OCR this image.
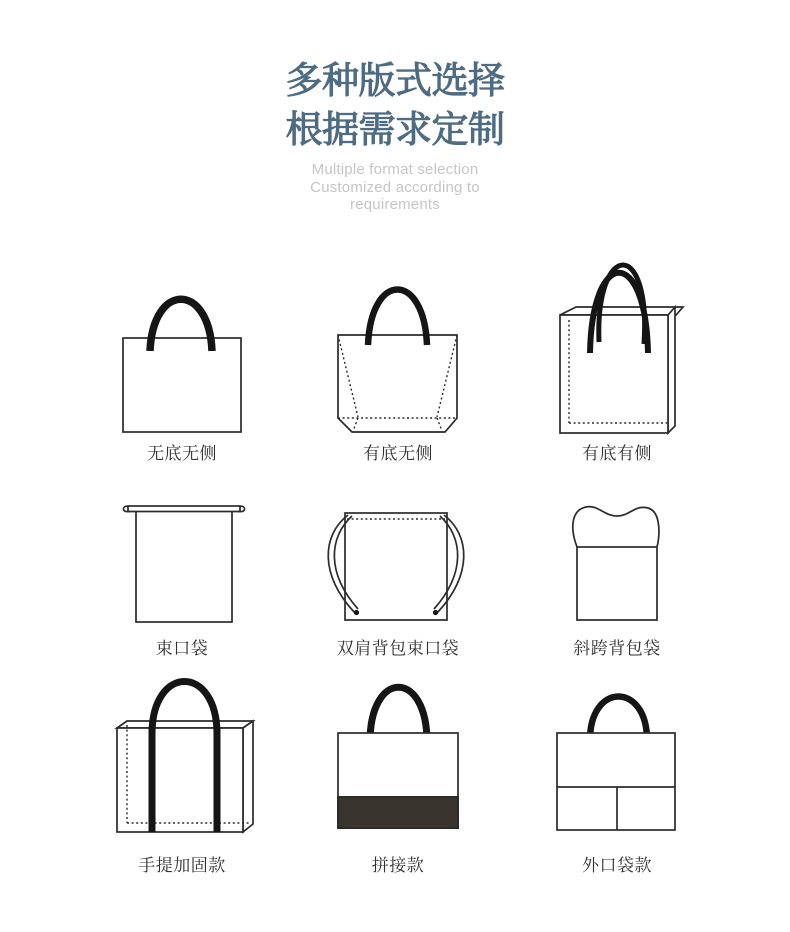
多种版式选择
根据需求定制

Multiple format selection

Customized according to

requirements

无底无侧	有底无侧	有底有侧
束口袋	双肩背包束口袋	斜跨背包袋
手提加固款	拼接款	外口袋款
